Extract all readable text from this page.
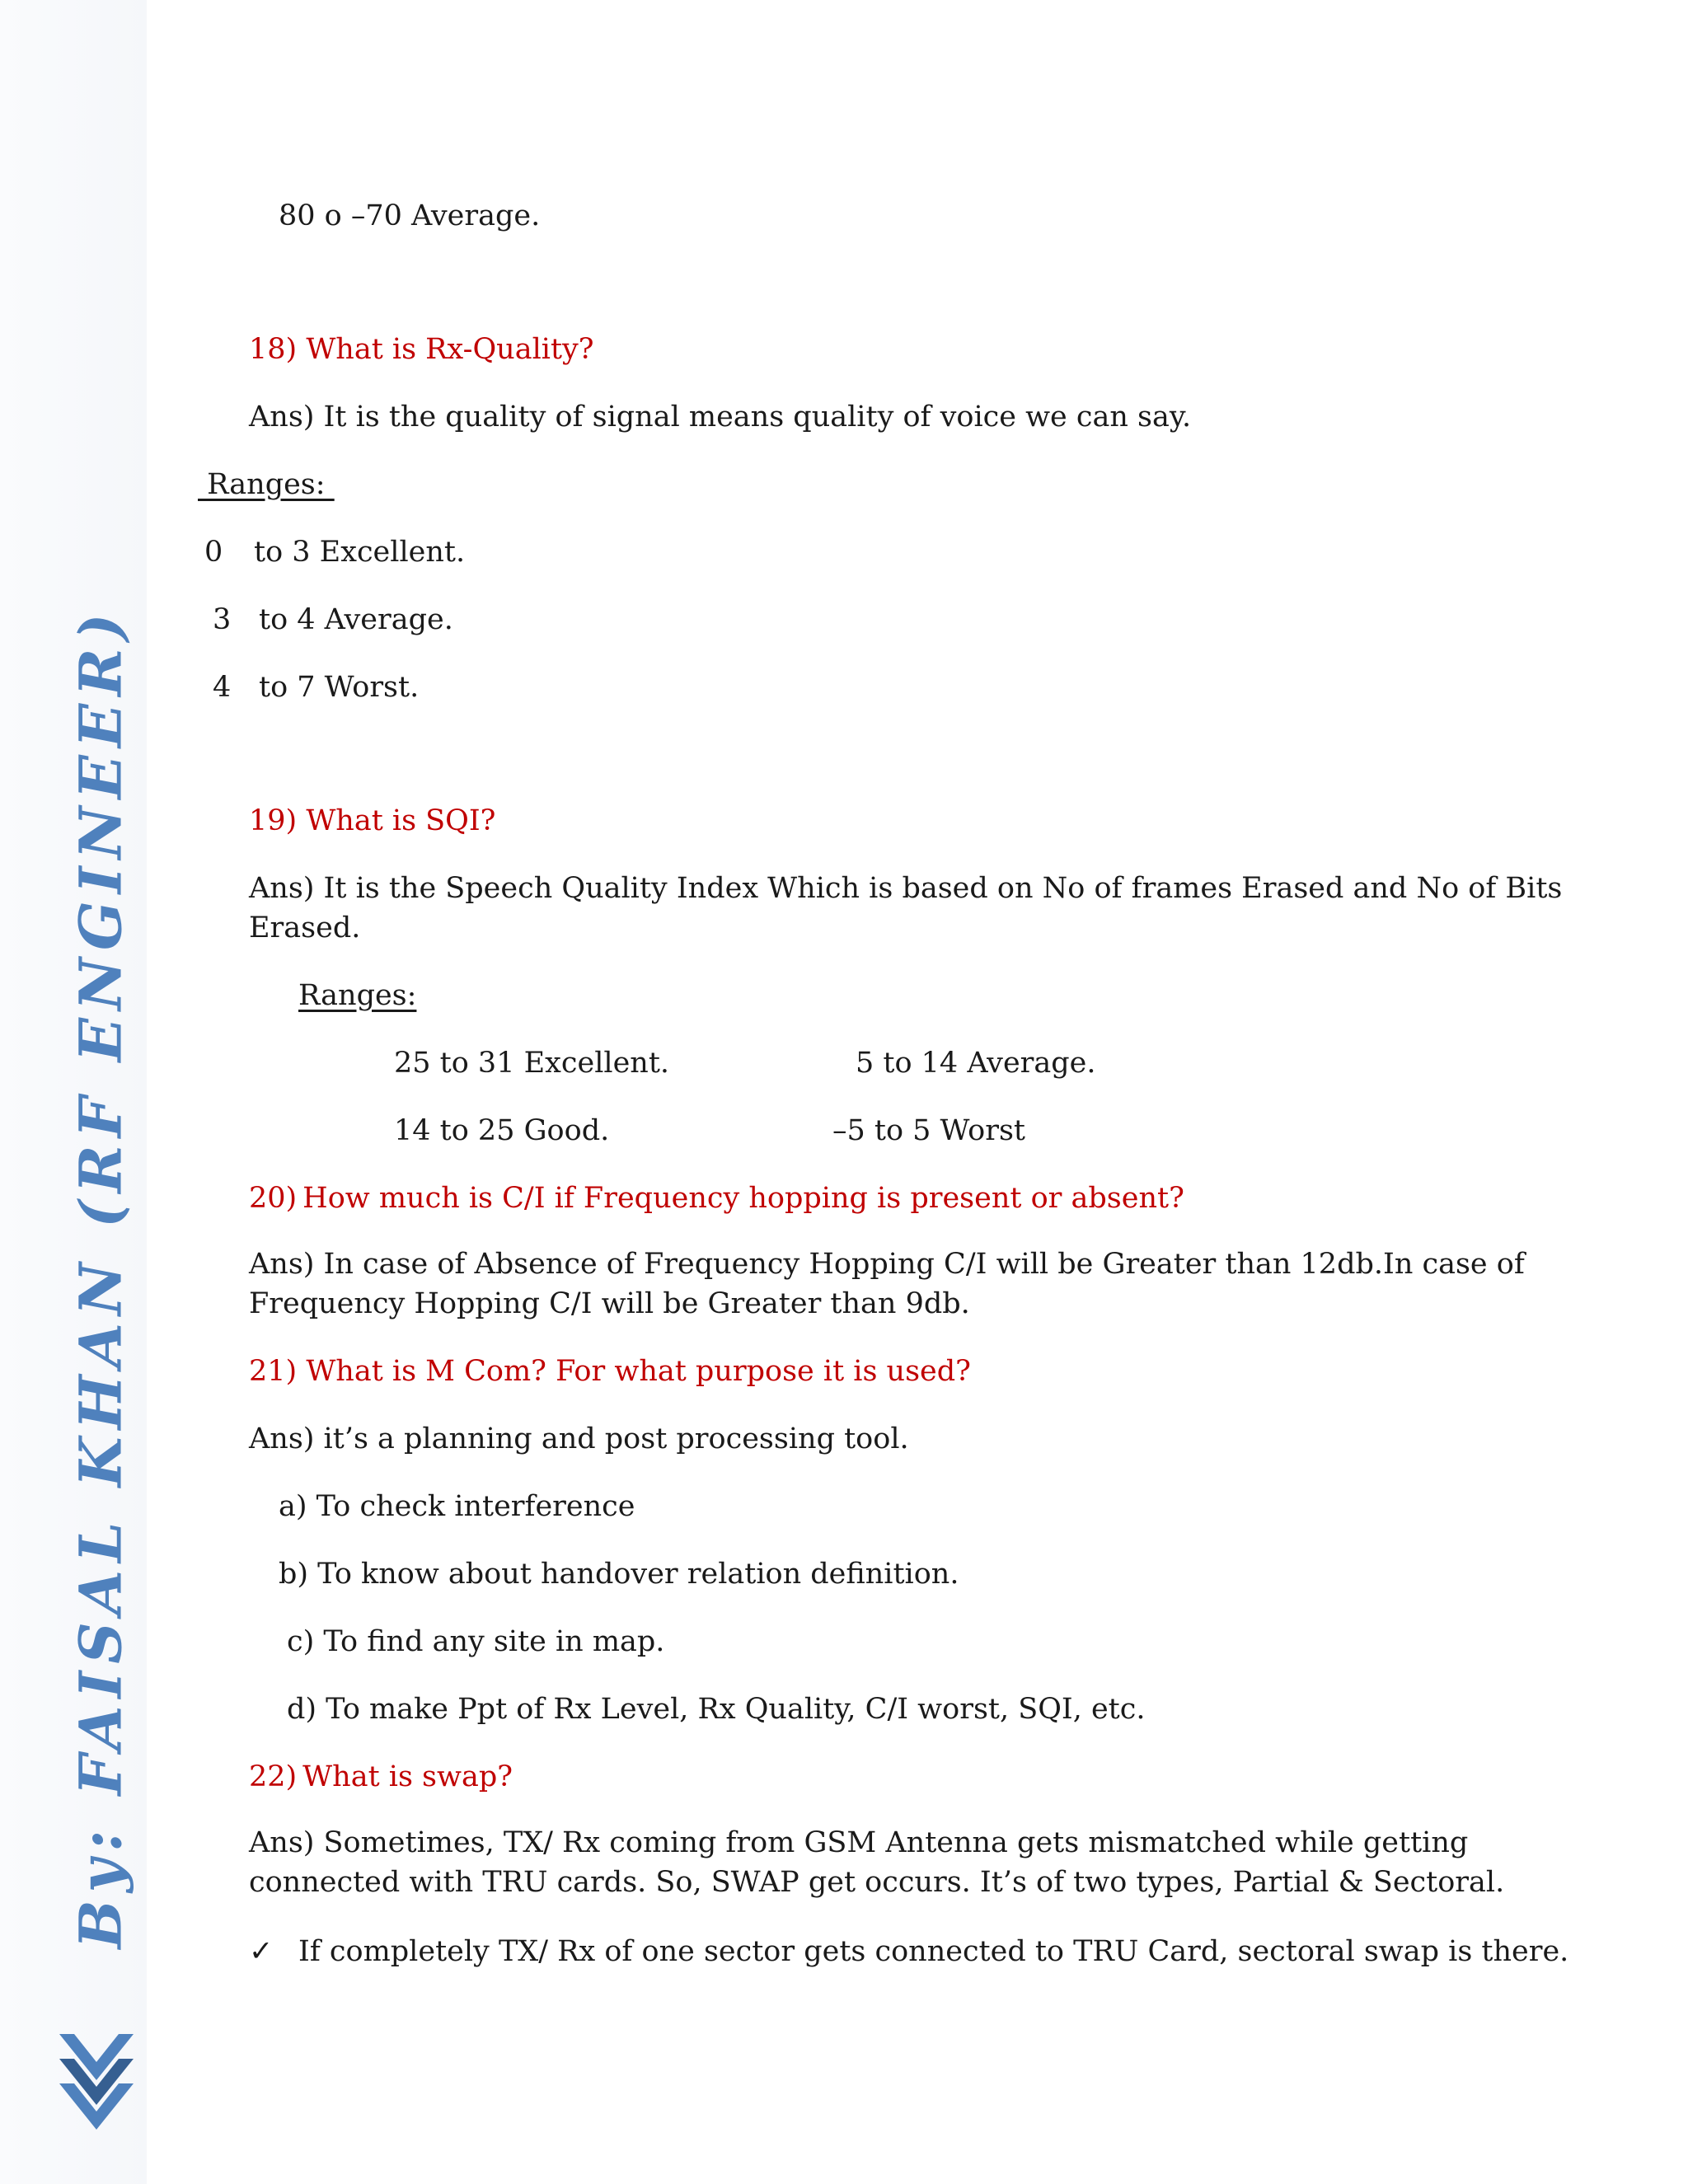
By: FAISAL KHAN (RF ENGINEER)
80 o –70 Average.
18) What is Rx-Quality?
Ans) It is the quality of signal means quality of voice we can say.
Ranges:
0 to 3 Excellent.
3 to 4 Average.
4 to 7 Worst.
19) What is SQI?
Ans) It is the Speech Quality Index Which is based on No of frames Erased and No of Bits
Erased.
Ranges:
25 to 31 Excellent.	5 to 14 Average.
14 to 25 Good.	–5 to 5 Worst
20) How much is C/I if Frequency hopping is present or absent?
Ans) In case of Absence of Frequency Hopping C/I will be Greater than 12db.In case of
Frequency Hopping C/I will be Greater than 9db.
21) What is M Com? For what purpose it is used?
Ans) it’s a planning and post processing tool.
a) To check interference
b) To know about handover relation definition.
c) To find any site in map.
d) To make Ppt of Rx Level, Rx Quality, C/I worst, SQI, etc.
22) What is swap?
Ans) Sometimes, TX/ Rx coming from GSM Antenna gets mismatched while getting
connected with TRU cards. So, SWAP get occurs. It’s of two types, Partial & Sectoral.
✓ If completely TX/ Rx of one sector gets connected to TRU Card, sectoral swap is there.
